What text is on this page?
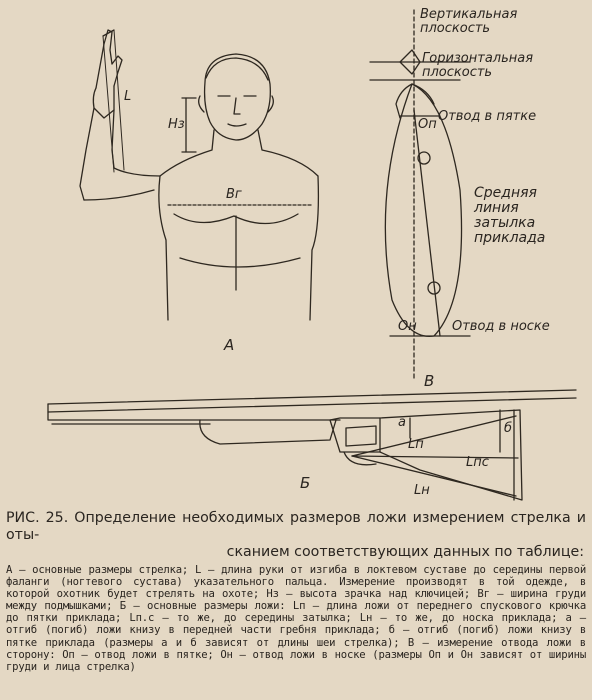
Вертикальная
плоскость
Горизонтальная
плоскость
Отвод в пятке
Средняя
линия
затылка
приклада
Отвод в носке
А
В
Б
L
Нз
Вг
Оп
Он
а	б
Lп
Lпс
Lн

РИС. 25. Определение необходимых размеров ложи измерением стрелка и оты-
сканием соответствующих данных по таблице:

А — основные размеры стрелка; L — длина руки от изгиба в локтевом суставе до середины первой фаланги (ногтевого сустава) указательного пальца. Измерение производят в той одежде, в которой охотник будет стрелять на охоте; Нз — высота зрачка над ключицей; Вг — ширина груди между подмышками; Б — основные размеры ложи: Lп — длина ложи от переднего спускового крючка до пятки приклада; Lп.с — то же, до середины затылка; Lн — то же, до носка приклада; а — отгиб (погиб) ложи книзу в передней части гребня приклада; б — отгиб (погиб) ложи книзу в пятке приклада (размеры а и б зависят от длины шеи стрелка); В — измерение отвода ложи в сторону: Оп — отвод ложи в пятке; Он — отвод ложи в носке (размеры Оп и Он зависят от ширины груди и лица стрелка)
